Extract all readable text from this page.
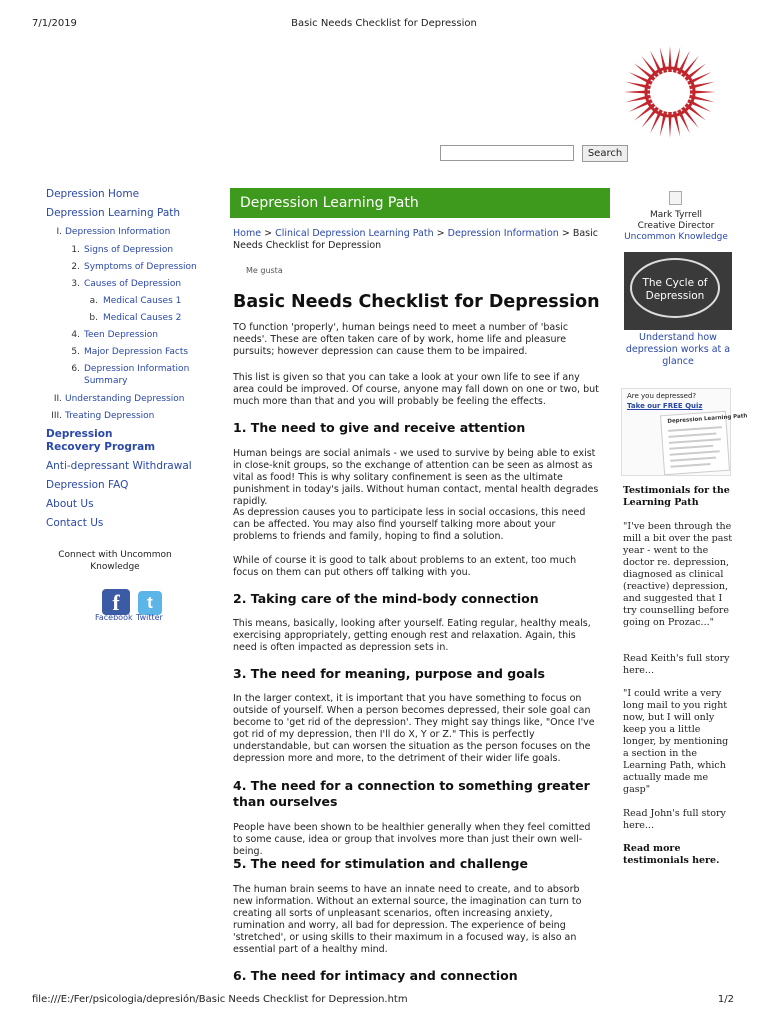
7/1/2019	Basic Needs Checklist for Depression
Search
Depression Home
Depression Learning Path
I. Depression Information
1. Signs of Depression
2. Symptoms of Depression
3. Causes of Depression
a. Medical Causes 1
b. Medical Causes 2
4. Teen Depression
5. Major Depression Facts
6. Depression Information Summary
II. Understanding Depression
III. Treating Depression
Depression Recovery Program
Anti-depressant Withdrawal
Depression FAQ
About Us
Contact Us
Connect with Uncommon Knowledge
f	t
Facebook Twitter
Depression Learning Path
Home > Clinical Depression Learning Path > Depression Information > Basic Needs Checklist for Depression
Me gusta
Basic Needs Checklist for Depression

TO function 'properly', human beings need to meet a number of 'basic needs'. These are often taken care of by work, home life and pleasure pursuits; however depression can cause them to be impaired.

This list is given so that you can take a look at your own life to see if any area could be improved. Of course, anyone may fall down on one or two, but much more than that and you will probably be feeling the effects.

1. The need to give and receive attention

Human beings are social animals - we used to survive by being able to exist in close-knit groups, so the exchange of attention can be seen as almost as vital as food! This is why solitary confinement is seen as the ultimate punishment in today's jails. Without human contact, mental health degrades rapidly.

As depression causes you to participate less in social occasions, this need can be affected. You may also find yourself talking more about your problems to friends and family, hoping to find a solution.

While of course it is good to talk about problems to an extent, too much focus on them can put others off talking with you.

2. Taking care of the mind-body connection

This means, basically, looking after yourself. Eating regular, healthy meals, exercising appropriately, getting enough rest and relaxation. Again, this need is often impacted as depression sets in.

3. The need for meaning, purpose and goals

In the larger context, it is important that you have something to focus on outside of yourself. When a person becomes depressed, their sole goal can become to 'get rid of the depression'. They might say things like, "Once I've got rid of my depression, then I'll do X, Y or Z." This is perfectly understandable, but can worsen the situation as the person focuses on the depression more and more, to the detriment of their wider life goals.

4. The need for a connection to something greater than ourselves

People have been shown to be healthier generally when they feel comitted to some cause, idea or group that involves more than just their own well-being.

5. The need for stimulation and challenge

The human brain seems to have an innate need to create, and to absorb new information. Without an external source, the imagination can turn to creating all sorts of unpleasant scenarios, often increasing anxiety, rumination and worry, all bad for depression. The experience of being 'stretched', or using skills to their maximum in a focused way, is also an essential part of a healthy mind.

6. The need for intimacy and connection
Mark Tyrrell
Creative Director
Uncommon Knowledge
The Cycle of Depression
Understand how depression works at a glance
Are you depressed?
Take our FREE Quiz
Depression Learning Path
Testimonials for the Learning Path
"I've been through the mill a bit over the past year - went to the doctor re. depression, diagnosed as clinical (reactive) depression, and suggested that I try counselling before going on Prozac..."
Read Keith's full story here...
"I could write a very long mail to you right now, but I will only keep you a little longer, by mentioning a section in the Learning Path, which actually made me gasp"
Read John's full story here...
Read more testimonials here.
file:///E:/Fer/psicologia/depresión/Basic Needs Checklist for Depression.htm	1/2
